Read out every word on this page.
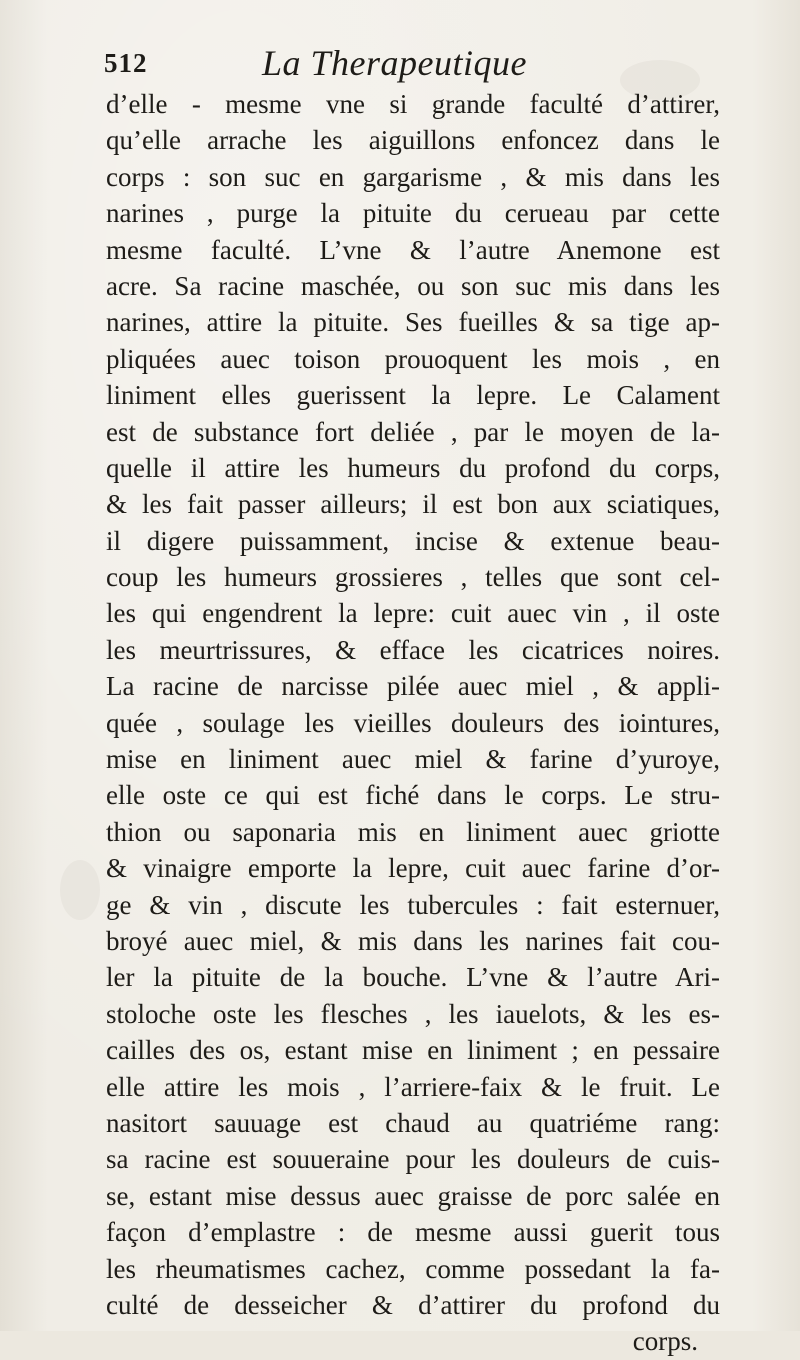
512	La Therapeutique
d’elle - mesme vne si grande faculté d’attirer,
qu’elle arrache les aiguillons enfoncez dans le
corps : son suc en gargarisme , & mis dans les
narines , purge la pituite du cerueau par cette
mesme faculté. L’vne & l’autre Anemone est
acre. Sa racine maschée, ou son suc mis dans les
narines, attire la pituite. Ses fueilles & sa tige ap-
pliquées auec toison prouoquent les mois , en
liniment elles guerissent la lepre. Le Calament
est de substance fort deliée , par le moyen de la-
quelle il attire les humeurs du profond du corps,
& les fait passer ailleurs; il est bon aux sciatiques,
il digere puissamment, incise & extenue beau-
coup les humeurs grossieres , telles que sont cel-
les qui engendrent la lepre: cuit auec vin , il oste
les meurtrissures, & efface les cicatrices noires.
La racine de narcisse pilée auec miel , & appli-
quée , soulage les vieilles douleurs des iointures,
mise en liniment auec miel & farine d’yuroye,
elle oste ce qui est fiché dans le corps. Le stru-
thion ou saponaria mis en liniment auec griotte
& vinaigre emporte la lepre, cuit auec farine d’or-
ge & vin , discute les tubercules : fait esternuer,
broyé auec miel, & mis dans les narines fait cou-
ler la pituite de la bouche. L’vne & l’autre Ari-
stoloche oste les flesches , les iauelots, & les es-
cailles des os, estant mise en liniment ; en pessaire
elle attire les mois , l’arriere-faix & le fruit. Le
nasitort sauuage est chaud au quatriéme rang:
sa racine est souueraine pour les douleurs de cuis-
se, estant mise dessus auec graisse de porc salée en
façon d’emplastre : de mesme aussi guerit tous
les rheumatismes cachez, comme possedant la fa-
culté de desseicher & d’attirer du profond du
corps.
